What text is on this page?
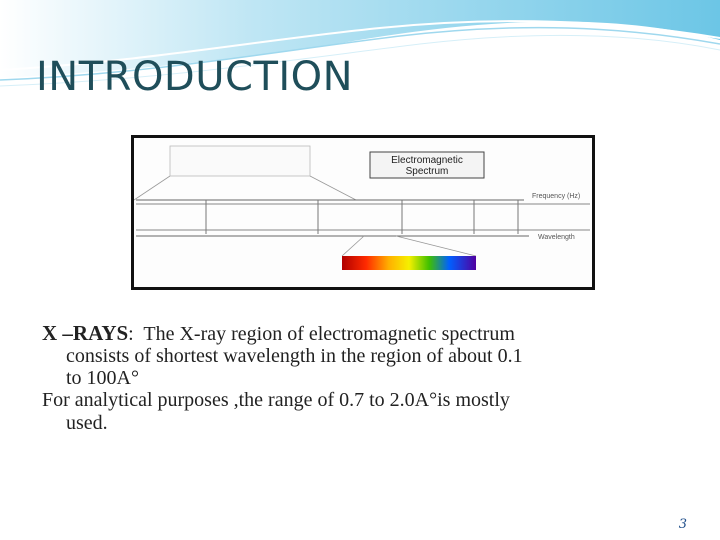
INTRODUCTION
Electromagnetic
Spectrum
Frequency (Hz)
Wavelength
X –RAYS: The X-ray region of electromagnetic spectrum
consists of shortest wavelength in the region of about 0.1
to 100A°
For analytical purposes ,the range of 0.7 to 2.0A°is mostly
used.
3
